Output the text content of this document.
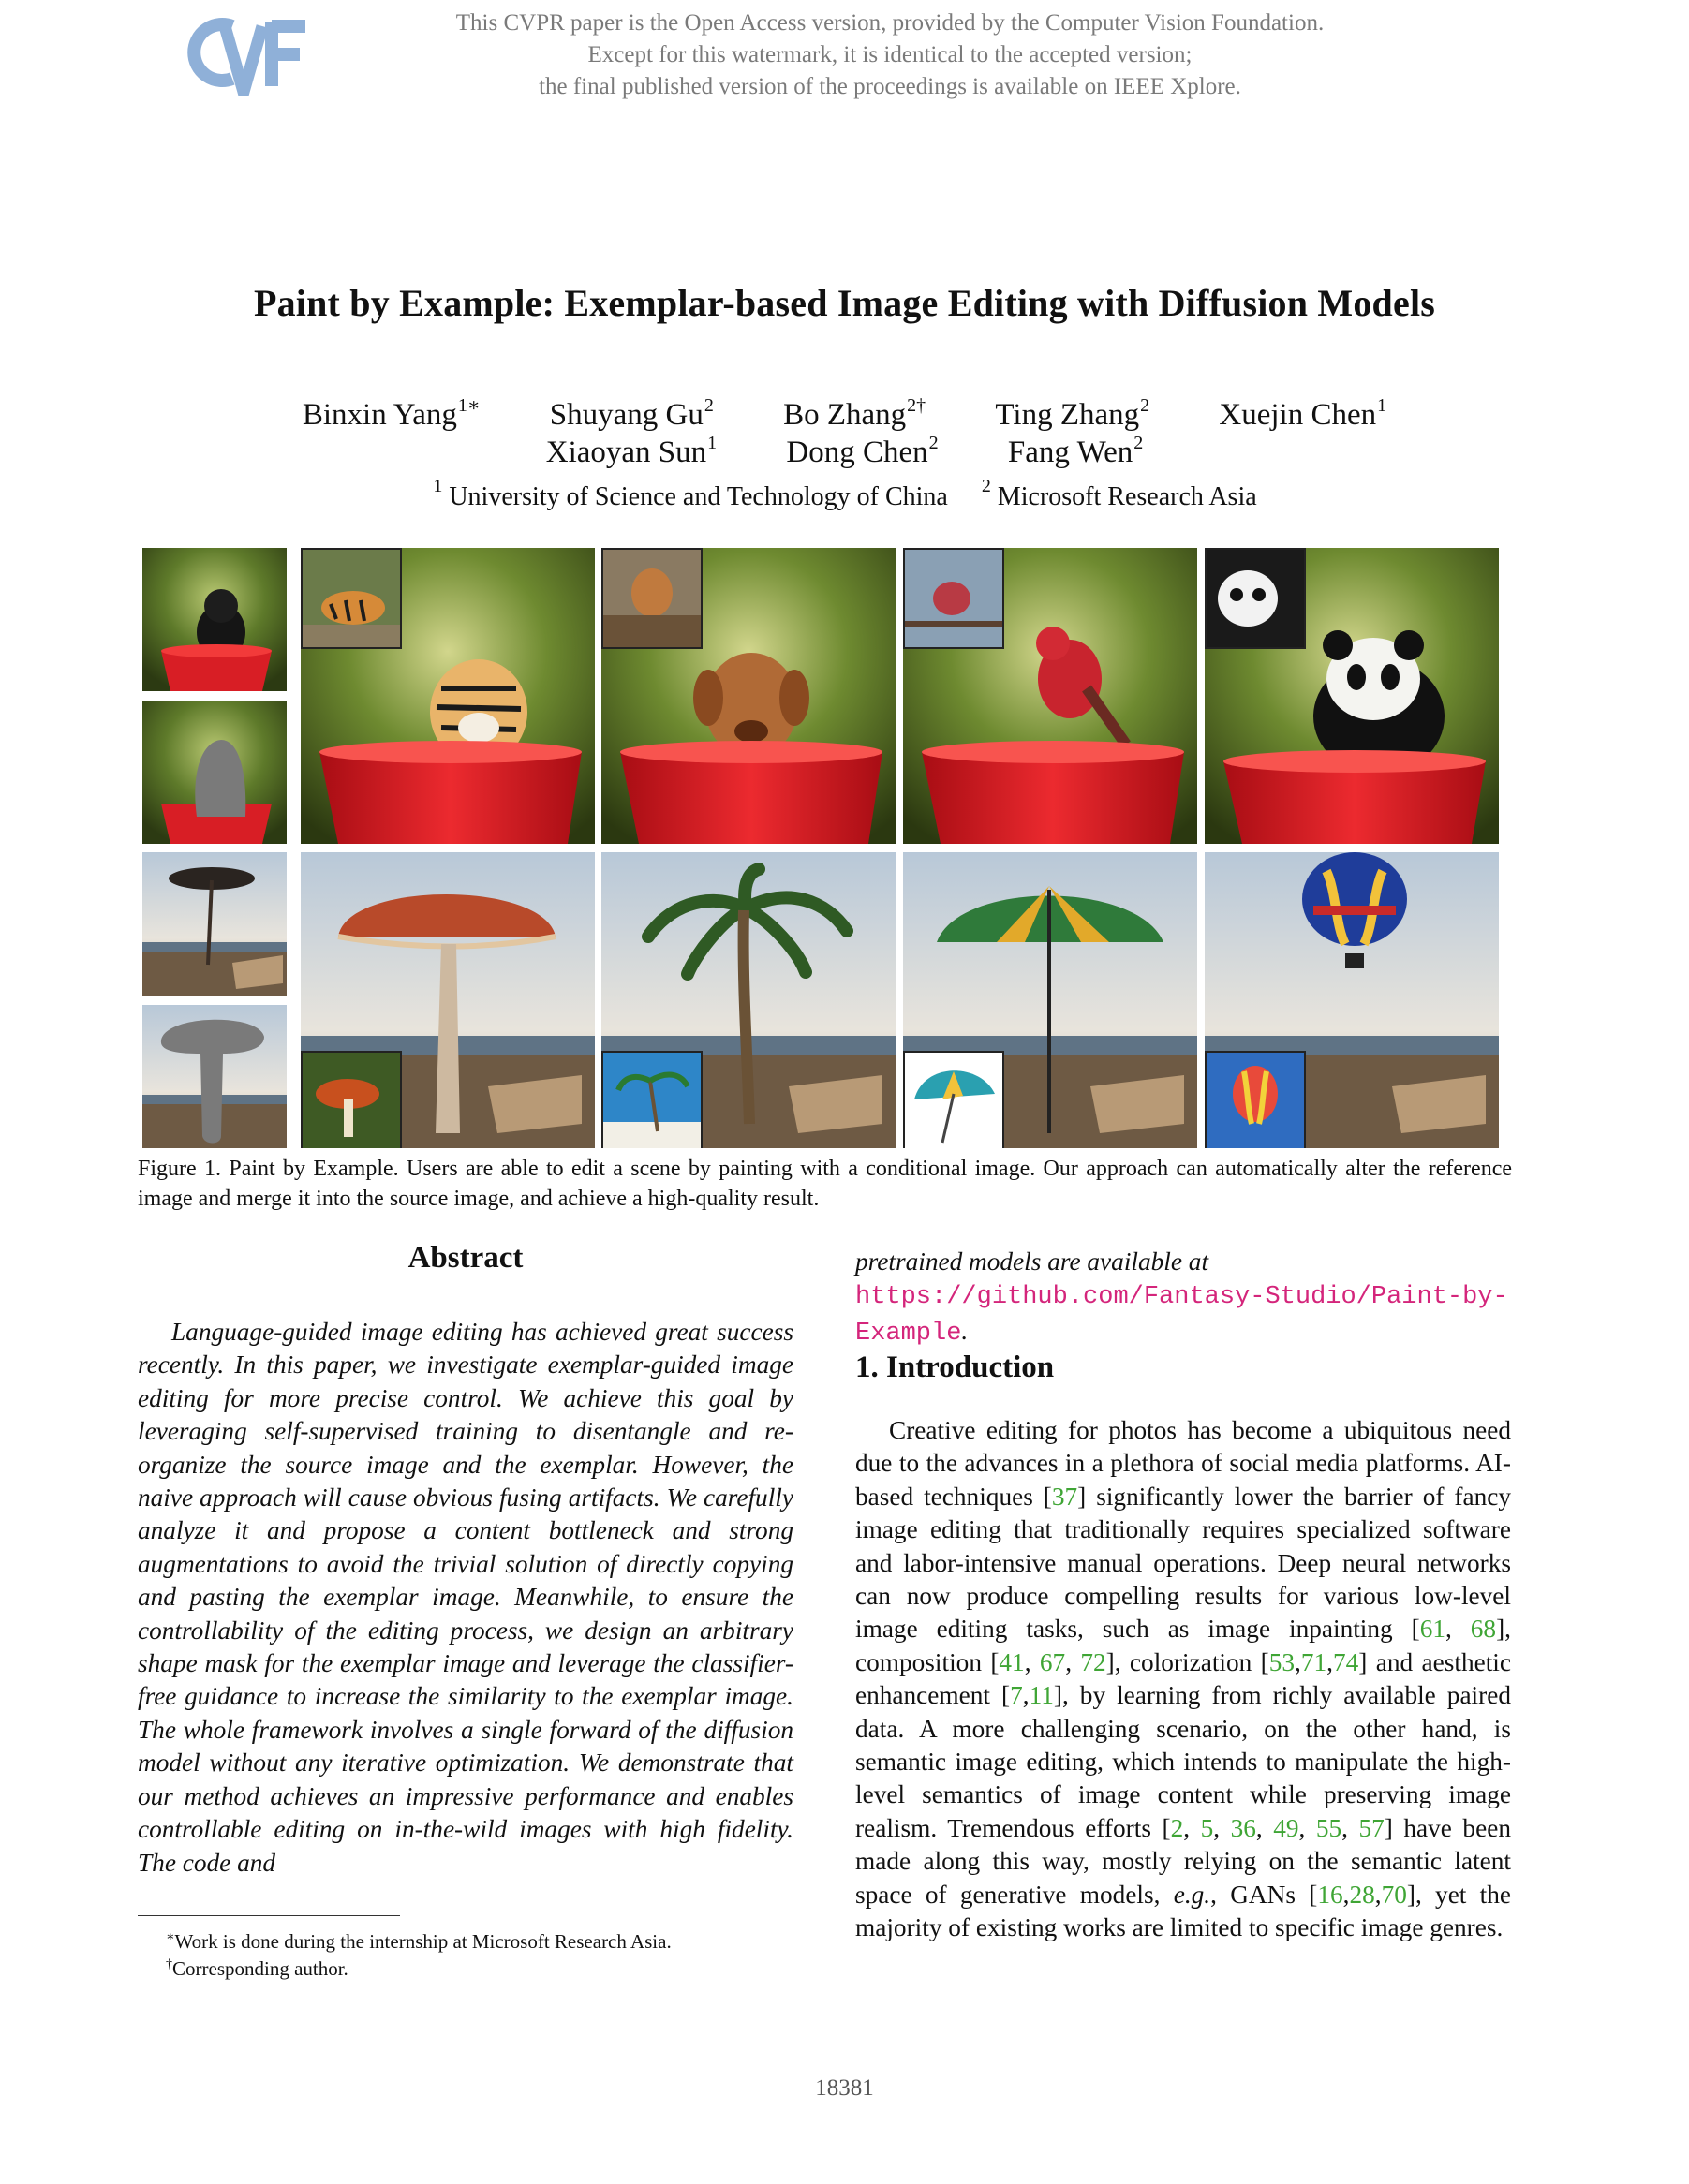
This CVPR paper is the Open Access version, provided by the Computer Vision Foundation.
Except for this watermark, it is identical to the accepted version;
the final published version of the proceedings is available on IEEE Xplore.
Paint by Example: Exemplar-based Image Editing with Diffusion Models
Binxin Yang$^{1∗}$ Shuyang Gu$^2$ Bo Zhang$^{2\dagger}$ Ting Zhang$^2$ Xuejin Chen$^1$
Xiaoyan Sun$^1$ Dong Chen$^2$ Fang Wen$^2$
$^1$ University of Science and Technology of China $^2$ Microsoft Research Asia
Figure 1. Paint by Example. Users are able to edit a scene by painting with a conditional image. Our approach can automatically alter the reference image and merge it into the source image, and achieve a high-quality result.
Abstract
Language-guided image editing has achieved great success recently. In this paper, we investigate exemplar-guided image editing for more precise control. We achieve this goal by leveraging self-supervised training to disentangle and re-organize the source image and the exemplar. However, the naive approach will cause obvious fusing artifacts. We carefully analyze it and propose a content bottleneck and strong augmentations to avoid the trivial solution of directly copying and pasting the exemplar image. Meanwhile, to ensure the controllability of the editing process, we design an arbitrary shape mask for the exemplar image and leverage the classifier-free guidance to increase the similarity to the exemplar image. The whole framework involves a single forward of the diffusion model without any iterative optimization. We demonstrate that our method achieves an impressive performance and enables controllable editing on in-the-wild images with high fidelity. The code and
pretrained models are available at https://github.com/Fantasy-Studio/Paint-by-Example.
1. Introduction
Creative editing for photos has become a ubiquitous need due to the advances in a plethora of social media platforms. AI-based techniques [37] significantly lower the barrier of fancy image editing that traditionally requires specialized software and labor-intensive manual operations. Deep neural networks can now produce compelling results for various low-level image editing tasks, such as image inpainting [61, 68], composition [41, 67, 72], colorization [53,71,74] and aesthetic enhancement [7,11], by learning from richly available paired data. A more challenging scenario, on the other hand, is semantic image editing, which intends to manipulate the high-level semantics of image content while preserving image realism. Tremendous efforts [2, 5, 36, 49, 55, 57] have been made along this way, mostly relying on the semantic latent space of generative models, e.g., GANs [16,28,70], yet the majority of existing works are limited to specific image genres.
∗Work is done during the internship at Microsoft Research Asia.
†Corresponding author.
18381
